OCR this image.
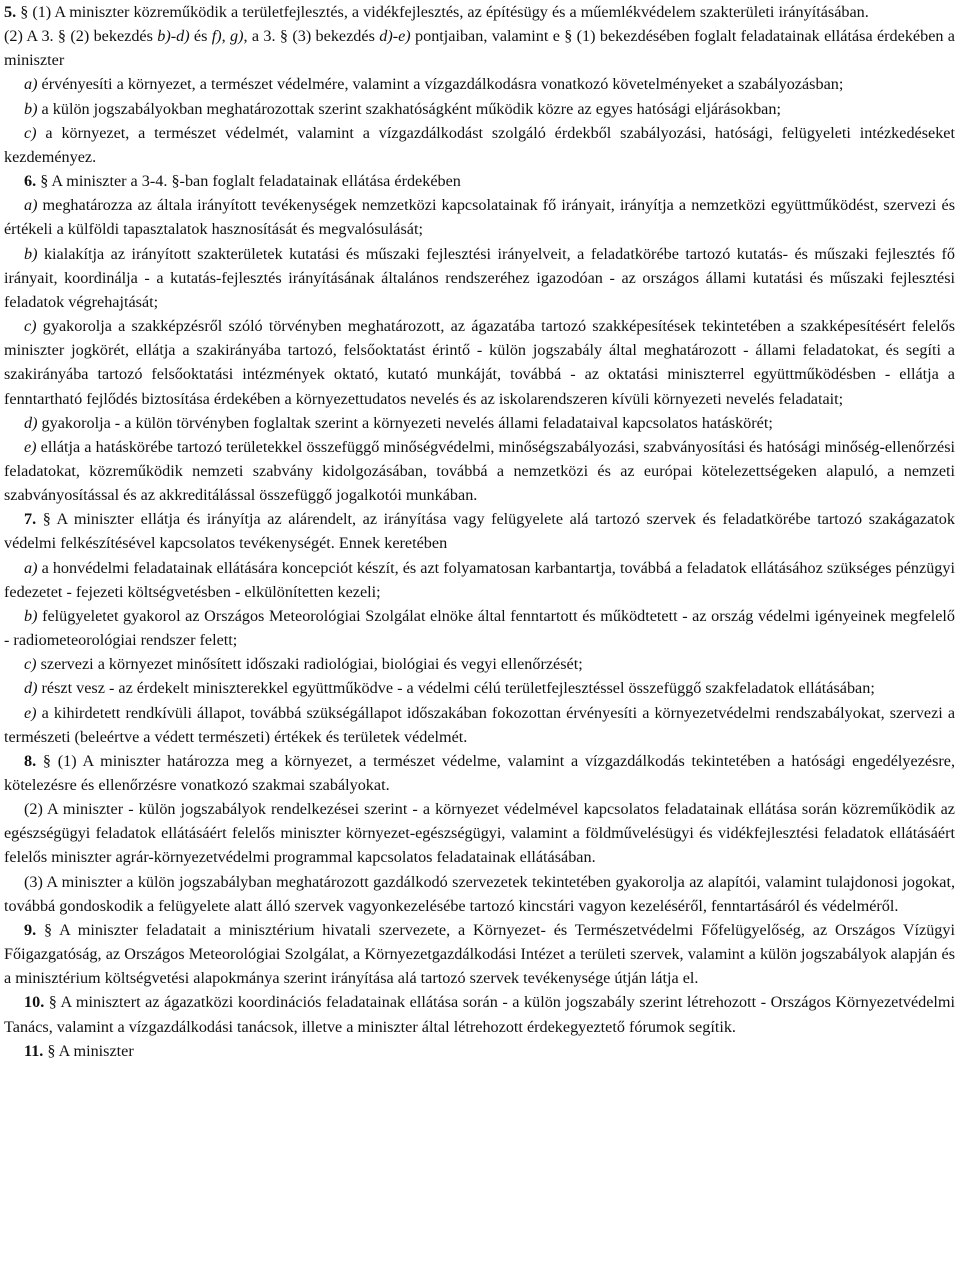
5. § (1) A miniszter közreműködik a területfejlesztés, a vidékfejlesztés, az építésügy és a műemlékvédelem szakterületi irányításában.

(2) A 3. § (2) bekezdés b)-d) és f), g), a 3. § (3) bekezdés d)-e) pontjaiban, valamint e § (1) bekezdésében foglalt feladatainak ellátása érdekében a miniszter

a) érvényesíti a környezet, a természet védelmére, valamint a vízgazdálkodásra vonatkozó követelményeket a szabályozásban;

b) a külön jogszabályokban meghatározottak szerint szakhatóságként működik közre az egyes hatósági eljárásokban;

c) a környezet, a természet védelmét, valamint a vízgazdálkodást szolgáló érdekből szabályozási, hatósági, felügyeleti intézkedéseket kezdeményez.

6. § A miniszter a 3-4. §-ban foglalt feladatainak ellátása érdekében

a) meghatározza az általa irányított tevékenységek nemzetközi kapcsolatainak fő irányait, irányítja a nemzetközi együttműködést, szervezi és értékeli a külföldi tapasztalatok hasznosítását és megvalósulását;

b) kialakítja az irányított szakterületek kutatási és műszaki fejlesztési irányelveit, a feladatkörébe tartozó kutatás- és műszaki fejlesztés fő irányait, koordinálja - a kutatás-fejlesztés irányításának általános rendszeréhez igazodóan - az országos állami kutatási és műszaki fejlesztési feladatok végrehajtását;

c) gyakorolja a szakképzésről szóló törvényben meghatározott, az ágazatába tartozó szakképesítések tekintetében a szakképesítésért felelős miniszter jogkörét, ellátja a szakirányába tartozó, felsőoktatást érintő - külön jogszabály által meghatározott - állami feladatokat, és segíti a szakirányába tartozó felsőoktatási intézmények oktató, kutató munkáját, továbbá - az oktatási miniszterrel együttműködésben - ellátja a fenntartható fejlődés biztosítása érdekében a környezettudatos nevelés és az iskolarendszeren kívüli környezeti nevelés feladatait;

d) gyakorolja - a külön törvényben foglaltak szerint a környezeti nevelés állami feladataival kapcsolatos hatáskörét;

e) ellátja a hatáskörébe tartozó területekkel összefüggő minőségvédelmi, minőségszabályozási, szabványosítási és hatósági minőség-ellenőrzési feladatokat, közreműködik nemzeti szabvány kidolgozásában, továbbá a nemzetközi és az európai kötelezettségeken alapuló, a nemzeti szabványosítással és az akkreditálással összefüggő jogalkotói munkában.

7. § A miniszter ellátja és irányítja az alárendelt, az irányítása vagy felügyelete alá tartozó szervek és feladatkörébe tartozó szakágazatok védelmi felkészítésével kapcsolatos tevékenységét. Ennek keretében

a) a honvédelmi feladatainak ellátására koncepciót készít, és azt folyamatosan karbantartja, továbbá a feladatok ellátásához szükséges pénzügyi fedezetet - fejezeti költségvetésben - elkülönítetten kezeli;

b) felügyeletet gyakorol az Országos Meteorológiai Szolgálat elnöke által fenntartott és működtetett - az ország védelmi igényeinek megfelelő - radiometeorológiai rendszer felett;

c) szervezi a környezet minősített időszaki radiológiai, biológiai és vegyi ellenőrzését;

d) részt vesz - az érdekelt miniszterekkel együttműködve - a védelmi célú területfejlesztéssel összefüggő szakfeladatok ellátásában;

e) a kihirdetett rendkívüli állapot, továbbá szükségállapot időszakában fokozottan érvényesíti a környezetvédelmi rendszabályokat, szervezi a természeti (beleértve a védett természeti) értékek és területek védelmét.

8. § (1) A miniszter határozza meg a környezet, a természet védelme, valamint a vízgazdálkodás tekintetében a hatósági engedélyezésre, kötelezésre és ellenőrzésre vonatkozó szakmai szabályokat.

(2) A miniszter - külön jogszabályok rendelkezései szerint - a környezet védelmével kapcsolatos feladatainak ellátása során közreműködik az egészségügyi feladatok ellátásáért felelős miniszter környezet-egészségügyi, valamint a földművelésügyi és vidékfejlesztési feladatok ellátásáért felelős miniszter agrár-környezetvédelmi programmal kapcsolatos feladatainak ellátásában.

(3) A miniszter a külön jogszabályban meghatározott gazdálkodó szervezetek tekintetében gyakorolja az alapítói, valamint tulajdonosi jogokat, továbbá gondoskodik a felügyelete alatt álló szervek vagyonkezelésébe tartozó kincstári vagyon kezeléséről, fenntartásáról és védelméről.

9. § A miniszter feladatait a minisztérium hivatali szervezete, a Környezet- és Természetvédelmi Főfelügyelőség, az Országos Vízügyi Főigazgatóság, az Országos Meteorológiai Szolgálat, a Környezetgazdálkodási Intézet a területi szervek, valamint a külön jogszabályok alapján és a minisztérium költségvetési alapokmánya szerint irányítása alá tartozó szervek tevékenysége útján látja el.

10. § A minisztert az ágazatközi koordinációs feladatainak ellátása során - a külön jogszabály szerint létrehozott - Országos Környezetvédelmi Tanács, valamint a vízgazdálkodási tanácsok, illetve a miniszter által létrehozott érdekegyeztető fórumok segítik.

11. § A miniszter
